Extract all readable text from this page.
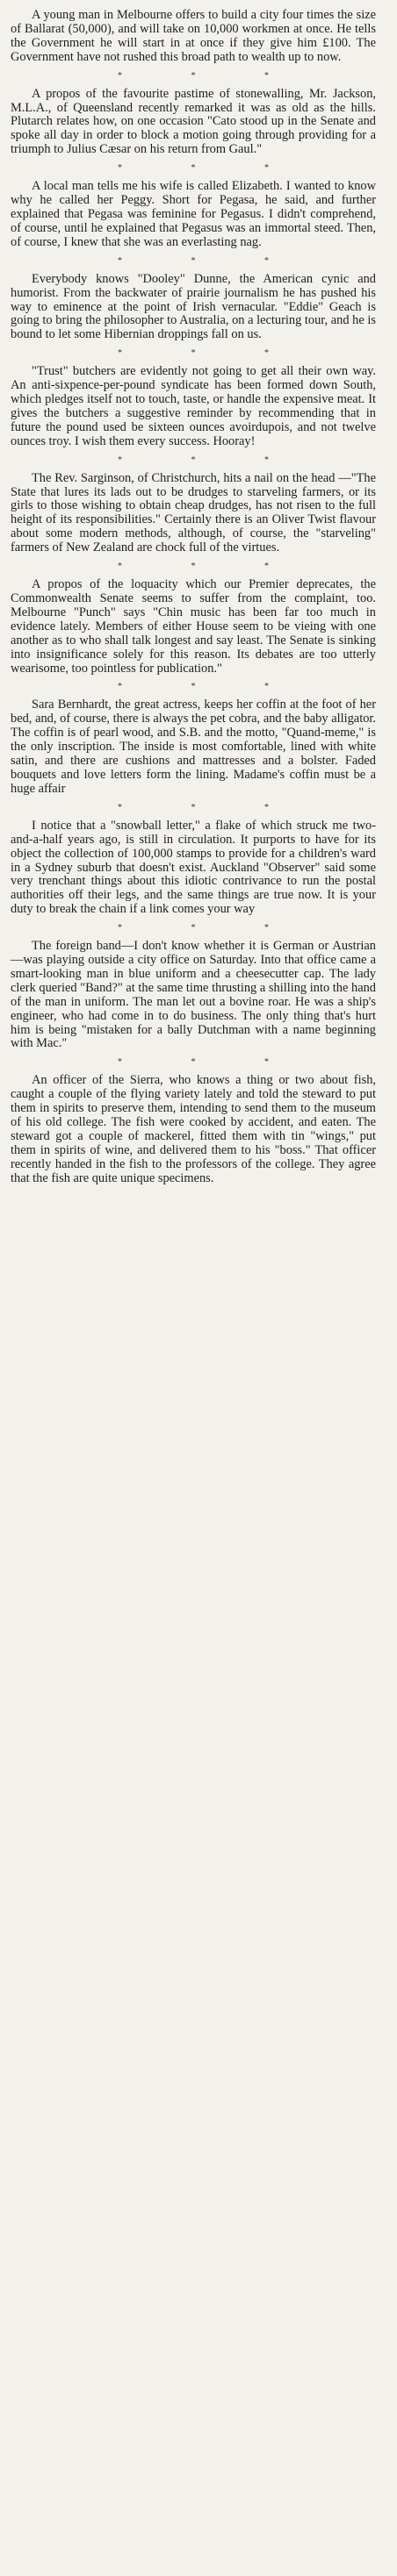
A young man in Melbourne offers to build a city four times the size of Ballarat (50,000), and will take on 10,000 workmen at once. He tells the Government he will start in at once if they give him £100. The Government have not rushed this broad path to wealth up to now.

* * *

A propos of the favourite pastime of stonewalling, Mr. Jackson, M.L.A., of Queensland recently remarked it was as old as the hills. Plutarch relates how, on one occasion "Cato stood up in the Senate and spoke all day in order to block a motion going through providing for a triumph to Julius Cæsar on his return from Gaul."

* * *

A local man tells me his wife is called Elizabeth. I wanted to know why he called her Peggy. Short for Pegasa, he said, and further explained that Pegasa was feminine for Pegasus. I didn't comprehend, of course, until he explained that Pegasus was an immortal steed. Then, of course, I knew that she was an everlasting nag.

* * *

Everybody knows "Dooley" Dunne, the American cynic and humorist. From the backwater of prairie journalism he has pushed his way to eminence at the point of Irish vernacular. "Eddie" Geach is going to bring the philosopher to Australia, on a lecturing tour, and he is bound to let some Hibernian droppings fall on us.

* * *

"Trust" butchers are evidently not going to get all their own way. An anti-sixpence-per-pound syndicate has been formed down South, which pledges itself not to touch, taste, or handle the expensive meat. It gives the butchers a suggestive reminder by recommending that in future the pound used be sixteen ounces avoirdupois, and not twelve ounces troy. I wish them every success. Hooray!

* * *

The Rev. Sarginson, of Christchurch, hits a nail on the head —"The State that lures its lads out to be drudges to starveling farmers, or its girls to those wishing to obtain cheap drudges, has not risen to the full height of its responsibilities." Certainly there is an Oliver Twist flavour about some modern methods, although, of course, the "starveling" farmers of New Zealand are chock full of the virtues.

* * *

A propos of the loquacity which our Premier deprecates, the Commonwealth Senate seems to suffer from the complaint, too. Melbourne "Punch" says "Chin music has been far too much in evidence lately. Members of either House seem to be vieing with one another as to who shall talk longest and say least. The Senate is sinking into insignificance solely for this reason. Its debates are too utterly wearisome, too pointless for publication."

* * *

Sara Bernhardt, the great actress, keeps her coffin at the foot of her bed, and, of course, there is always the pet cobra, and the baby alligator. The coffin is of pearl wood, and S.B. and the motto, "Quand-meme," is the only inscription. The inside is most comfortable, lined with white satin, and there are cushions and mattresses and a bolster. Faded bouquets and love letters form the lining. Madame's coffin must be a huge affair

* * *

I notice that a "snowball letter," a flake of which struck me two-and-a-half years ago, is still in circulation. It purports to have for its object the collection of 100,000 stamps to provide for a children's ward in a Sydney suburb that doesn't exist. Auckland "Observer" said some very trenchant things about this idiotic contrivance to run the postal authorities off their legs, and the same things are true now. It is your duty to break the chain if a link comes your way

* * *

The foreign band—I don't know whether it is German or Austrian—was playing outside a city office on Saturday. Into that office came a smart-looking man in blue uniform and a cheesecutter cap. The lady clerk queried "Band?" at the same time thrusting a shilling into the hand of the man in uniform. The man let out a bovine roar. He was a ship's engineer, who had come in to do business. The only thing that's hurt him is being "mistaken for a bally Dutchman with a name beginning with Mac."

* * *

An officer of the Sierra, who knows a thing or two about fish, caught a couple of the flying variety lately and told the steward to put them in spirits to preserve them, intending to send them to the museum of his old college. The fish were cooked by accident, and eaten. The steward got a couple of mackerel, fitted them with tin "wings," put them in spirits of wine, and delivered them to his "boss." That officer recently handed in the fish to the professors of the college. They agree that the fish are quite unique specimens.
